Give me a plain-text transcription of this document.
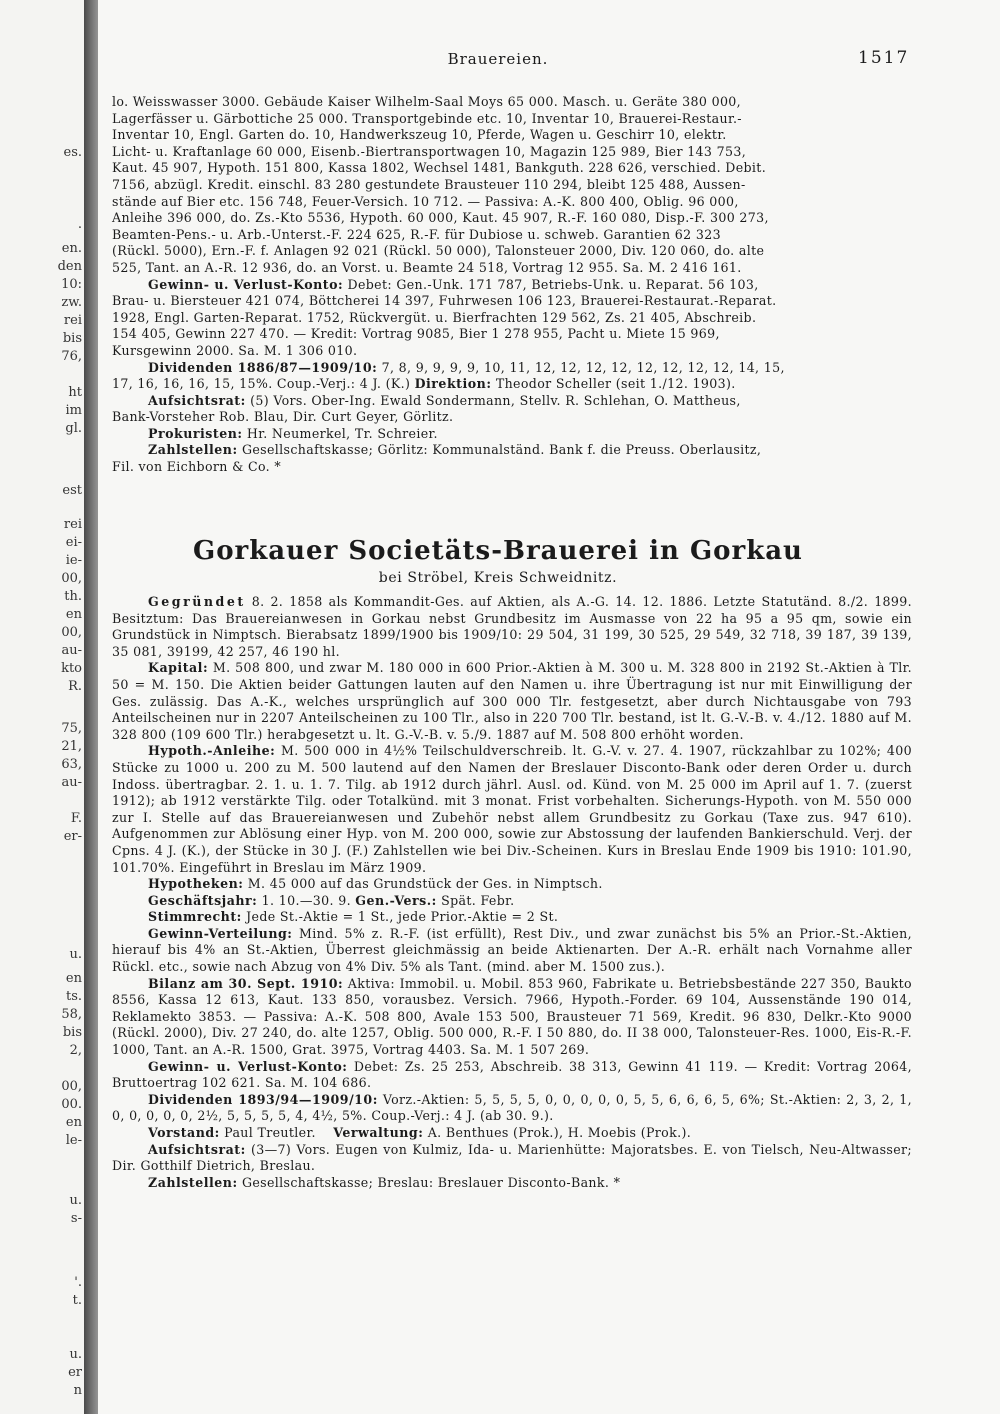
es.
.
en.
den
10:
zw.
rei
bis
76,
ht
im
gl.
est
rei
ei-
ie-
00,
th.
en
00,
au-
kto
R.
75,
21,
63,
au-
F.
er-
u.
en
ts.
58,
bis
2,
00,
00.
en
le-
u.
s-
'.
t.
u.
er
n
Brauereien.	1517

lo. Weisswasser 3000. Gebäude Kaiser Wilhelm-Saal Moys 65 000. Masch. u. Geräte 380 000,
Lagerfässer u. Gärbottiche 25 000. Transportgebinde etc. 10, Inventar 10, Brauerei-Restaur.-
Inventar 10, Engl. Garten do. 10, Handwerkszeug 10, Pferde, Wagen u. Geschirr 10, elektr.
Licht- u. Kraftanlage 60 000, Eisenb.-Biertransportwagen 10, Magazin 125 989, Bier 143 753,
Kaut. 45 907, Hypoth. 151 800, Kassa 1802, Wechsel 1481, Bankguth. 228 626, verschied. Debit.
7156, abzügl. Kredit. einschl. 83 280 gestundete Brausteuer 110 294, bleibt 125 488, Aussen-
stände auf Bier etc. 156 748, Feuer-Versich. 10 712. — Passiva: A.-K. 800 400, Oblig. 96 000,
Anleihe 396 000, do. Zs.-Kto 5536, Hypoth. 60 000, Kaut. 45 907, R.-F. 160 080, Disp.-F. 300 273,
Beamten-Pens.- u. Arb.-Unterst.-F. 224 625, R.-F. für Dubiose u. schweb. Garantien 62 323
(Rückl. 5000), Ern.-F. f. Anlagen 92 021 (Rückl. 50 000), Talonsteuer 2000, Div. 120 060, do. alte
525, Tant. an A.-R. 12 936, do. an Vorst. u. Beamte 24 518, Vortrag 12 955. Sa. M. 2 416 161.

Gewinn- u. Verlust-Konto: Debet: Gen.-Unk. 171 787, Betriebs-Unk. u. Reparat. 56 103,
Brau- u. Biersteuer 421 074, Böttcherei 14 397, Fuhrwesen 106 123, Brauerei-Restaurat.-Reparat.
1928, Engl. Garten-Reparat. 1752, Rückvergüt. u. Bierfrachten 129 562, Zs. 21 405, Abschreib.
154 405, Gewinn 227 470. — Kredit: Vortrag 9085, Bier 1 278 955, Pacht u. Miete 15 969,
Kursgewinn 2000. Sa. M. 1 306 010.

Dividenden 1886/87—1909/10: 7, 8, 9, 9, 9, 9, 10, 11, 12, 12, 12, 12, 12, 12, 12, 12, 14, 15,
17, 16, 16, 16, 15, 15%. Coup.-Verj.: 4 J. (K.) Direktion: Theodor Scheller (seit 1./12. 1903).

Aufsichtsrat: (5) Vors. Ober-Ing. Ewald Sondermann, Stellv. R. Schlehan, O. Mattheus,
Bank-Vorsteher Rob. Blau, Dir. Curt Geyer, Görlitz.

Prokuristen: Hr. Neumerkel, Tr. Schreier.

Zahlstellen: Gesellschaftskasse; Görlitz: Kommunalständ. Bank f. die Preuss. Oberlausitz,
Fil. von Eichborn & Co. *

Gorkauer Societäts-Brauerei in Gorkau
bei Ströbel, Kreis Schweidnitz.

Gegründet 8. 2. 1858 als Kommandit-Ges. auf Aktien, als A.-G. 14. 12. 1886. Letzte Statutänd. 8./2. 1899. Besitztum: Das Brauereianwesen in Gorkau nebst Grundbesitz im Ausmasse von 22 ha 95 a 95 qm, sowie ein Grundstück in Nimptsch. Bierabsatz 1899/1900 bis 1909/10: 29 504, 31 199, 30 525, 29 549, 32 718, 39 187, 39 139, 35 081, 39199, 42 257, 46 190 hl.

Kapital: M. 508 800, und zwar M. 180 000 in 600 Prior.-Aktien à M. 300 u. M. 328 800 in 2192 St.-Aktien à Tlr. 50 = M. 150. Die Aktien beider Gattungen lauten auf den Namen u. ihre Übertragung ist nur mit Einwilligung der Ges. zulässig. Das A.-K., welches ursprünglich auf 300 000 Tlr. festgesetzt, aber durch Nichtausgabe von 793 Anteilscheinen nur in 2207 Anteilscheinen zu 100 Tlr., also in 220 700 Tlr. bestand, ist lt. G.-V.-B. v. 4./12. 1880 auf M. 328 800 (109 600 Tlr.) herabgesetzt u. lt. G.-V.-B. v. 5./9. 1887 auf M. 508 800 erhöht worden.

Hypoth.-Anleihe: M. 500 000 in 4½% Teilschuldverschreib. lt. G.-V. v. 27. 4. 1907, rückzahlbar zu 102%; 400 Stücke zu 1000 u. 200 zu M. 500 lautend auf den Namen der Breslauer Disconto-Bank oder deren Order u. durch Indoss. übertragbar. 2. 1. u. 1. 7. Tilg. ab 1912 durch jährl. Ausl. od. Künd. von M. 25 000 im April auf 1. 7. (zuerst 1912); ab 1912 verstärkte Tilg. oder Totalkünd. mit 3 monat. Frist vorbehalten. Sicherungs-Hypoth. von M. 550 000 zur I. Stelle auf das Brauereianwesen und Zubehör nebst allem Grundbesitz zu Gorkau (Taxe zus. 947 610). Aufgenommen zur Ablösung einer Hyp. von M. 200 000, sowie zur Abstossung der laufenden Bankierschuld. Verj. der Cpns. 4 J. (K.), der Stücke in 30 J. (F.) Zahlstellen wie bei Div.-Scheinen. Kurs in Breslau Ende 1909 bis 1910: 101.90, 101.70%. Eingeführt in Breslau im März 1909.

Hypotheken: M. 45 000 auf das Grundstück der Ges. in Nimptsch.

Geschäftsjahr: 1. 10.—30. 9. Gen.-Vers.: Spät. Febr.

Stimmrecht: Jede St.-Aktie = 1 St., jede Prior.-Aktie = 2 St.

Gewinn-Verteilung: Mind. 5% z. R.-F. (ist erfüllt), Rest Div., und zwar zunächst bis 5% an Prior.-St.-Aktien, hierauf bis 4% an St.-Aktien, Überrest gleichmässig an beide Aktienarten. Der A.-R. erhält nach Vornahme aller Rückl. etc., sowie nach Abzug von 4% Div. 5% als Tant. (mind. aber M. 1500 zus.).

Bilanz am 30. Sept. 1910: Aktiva: Immobil. u. Mobil. 853 960, Fabrikate u. Betriebsbestände 227 350, Baukto 8556, Kassa 12 613, Kaut. 133 850, vorausbez. Versich. 7966, Hypoth.-Forder. 69 104, Aussenstände 190 014, Reklamekto 3853. — Passiva: A.-K. 508 800, Avale 153 500, Brausteuer 71 569, Kredit. 96 830, Delkr.-Kto 9000 (Rückl. 2000), Div. 27 240, do. alte 1257, Oblig. 500 000, R.-F. I 50 880, do. II 38 000, Talonsteuer-Res. 1000, Eis-R.-F. 1000, Tant. an A.-R. 1500, Grat. 3975, Vortrag 4403. Sa. M. 1 507 269.

Gewinn- u. Verlust-Konto: Debet: Zs. 25 253, Abschreib. 38 313, Gewinn 41 119. — Kredit: Vortrag 2064, Bruttoertrag 102 621. Sa. M. 104 686.

Dividenden 1893/94—1909/10: Vorz.-Aktien: 5, 5, 5, 5, 0, 0, 0, 0, 0, 5, 5, 6, 6, 6, 5, 6%; St.-Aktien: 2, 3, 2, 1, 0, 0, 0, 0, 0, 2½, 5, 5, 5, 5, 4, 4½, 5%. Coup.-Verj.: 4 J. (ab 30. 9.).

Vorstand: Paul Treutler. Verwaltung: A. Benthues (Prok.), H. Moebis (Prok.).

Aufsichtsrat: (3—7) Vors. Eugen von Kulmiz, Ida- u. Marienhütte: Majoratsbes. E. von Tielsch, Neu-Altwasser; Dir. Gotthilf Dietrich, Breslau.

Zahlstellen: Gesellschaftskasse; Breslau: Breslauer Disconto-Bank. *
